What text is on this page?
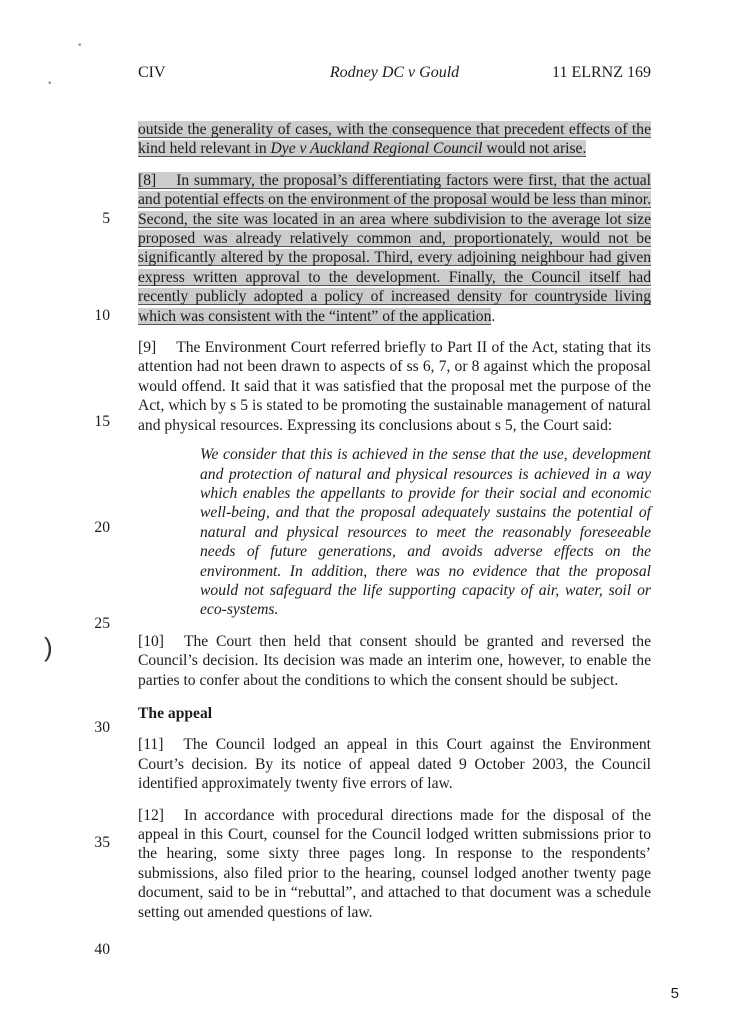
•
•
)
CIV	Rodney DC v Gould	11 ELRNZ 169
5
10
15
20
25
30
35
40

outside the generality of cases, with the consequence that precedent effects of the kind held relevant in Dye v Auckland Regional Council would not arise.

[8] In summary, the proposal’s differentiating factors were first, that the actual and potential effects on the environment of the proposal would be less than minor. Second, the site was located in an area where subdivision to the average lot size proposed was already relatively common and, proportionately, would not be significantly altered by the proposal. Third, every adjoining neighbour had given express written approval to the development. Finally, the Council itself had recently publicly adopted a policy of increased density for countryside living which was consistent with the “intent” of the application.

[9] The Environment Court referred briefly to Part II of the Act, stating that its attention had not been drawn to aspects of ss 6, 7, or 8 against which the proposal would offend. It said that it was satisfied that the proposal met the purpose of the Act, which by s 5 is stated to be promoting the sustainable management of natural and physical resources. Expressing its conclusions about s 5, the Court said:

We consider that this is achieved in the sense that the use, development and protection of natural and physical resources is achieved in a way which enables the appellants to provide for their social and economic well-being, and that the proposal adequately sustains the potential of natural and physical resources to meet the reasonably foreseeable needs of future generations, and avoids adverse effects on the environment. In addition, there was no evidence that the proposal would not safeguard the life supporting capacity of air, water, soil or eco-systems.

[10] The Court then held that consent should be granted and reversed the Council’s decision. Its decision was made an interim one, however, to enable the parties to confer about the conditions to which the consent should be subject.

The appeal

[11] The Council lodged an appeal in this Court against the Environment Court’s decision. By its notice of appeal dated 9 October 2003, the Council identified approximately twenty five errors of law.

[12] In accordance with procedural directions made for the disposal of the appeal in this Court, counsel for the Council lodged written submissions prior to the hearing, some sixty three pages long. In response to the respondents’ submissions, also filed prior to the hearing, counsel lodged another twenty page document, said to be in “rebuttal”, and attached to that document was a schedule setting out amended questions of law.

5
